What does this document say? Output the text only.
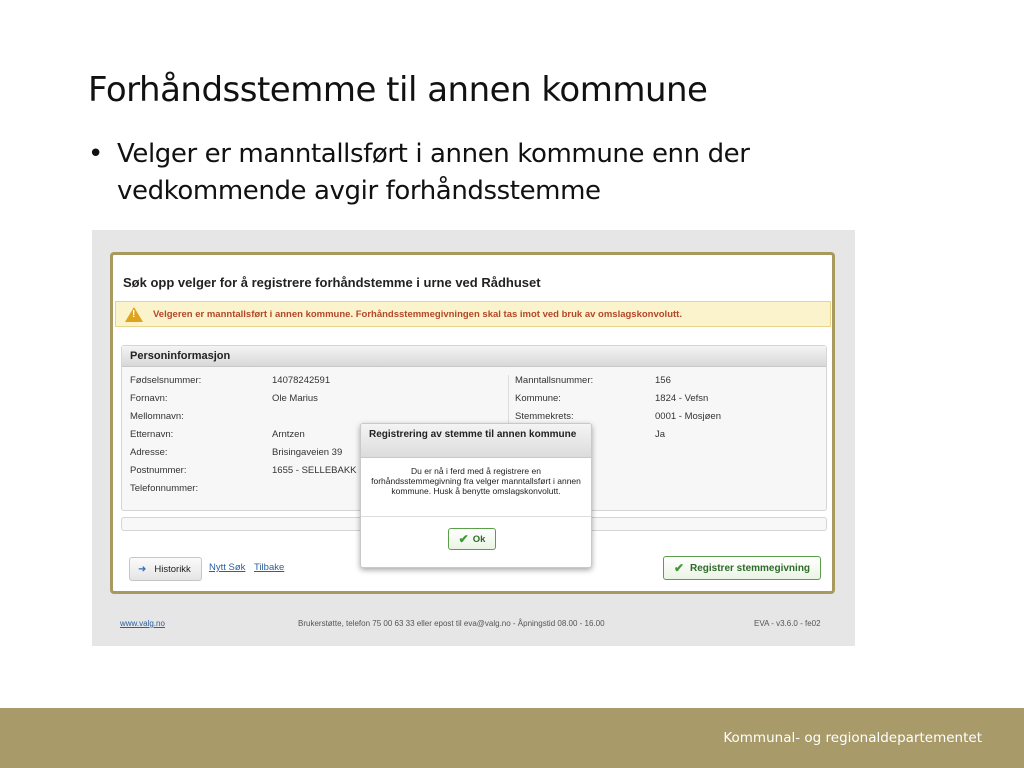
Forhåndsstemme til annen kommune
• Velger er manntallsført i annen kommune enn der vedkommende avgir forhåndsstemme
Søk opp velger for å registrere forhåndstemme i urne ved Rådhuset
!
Velgeren er manntallsført i annen kommune. Forhåndsstemmegivningen skal tas imot ved bruk av omslagskonvolutt.
Personinformasjon
Fødselsnummer:	14078242591
Fornavn:	Ole Marius
Mellomnavn:
Etternavn:	Arntzen
Adresse:	Brisingaveien 39
Postnummer:	1655 - SELLEBAKK
Telefonnummer:
Manntallsnummer:	156
Kommune:	1824 - Vefsn
Stemmekrets:	0001 - Mosjøen
Ja
➜ Historikk Nytt Søk Tilbake	✔ Registrer stemmegivning
www.valg.no	Brukerstøtte, telefon 75 00 63 33 eller epost til eva@valg.no - Åpningstid 08.00 - 16.00	EVA - v3.6.0 - fe02
Registrering av stemme til annen kommune
Du er nå i ferd med å registrere en forhåndsstemmegivning fra velger manntallsført i annen kommune. Husk å benytte omslagskonvolutt.
✔ Ok
Kommunal- og regionaldepartementet
